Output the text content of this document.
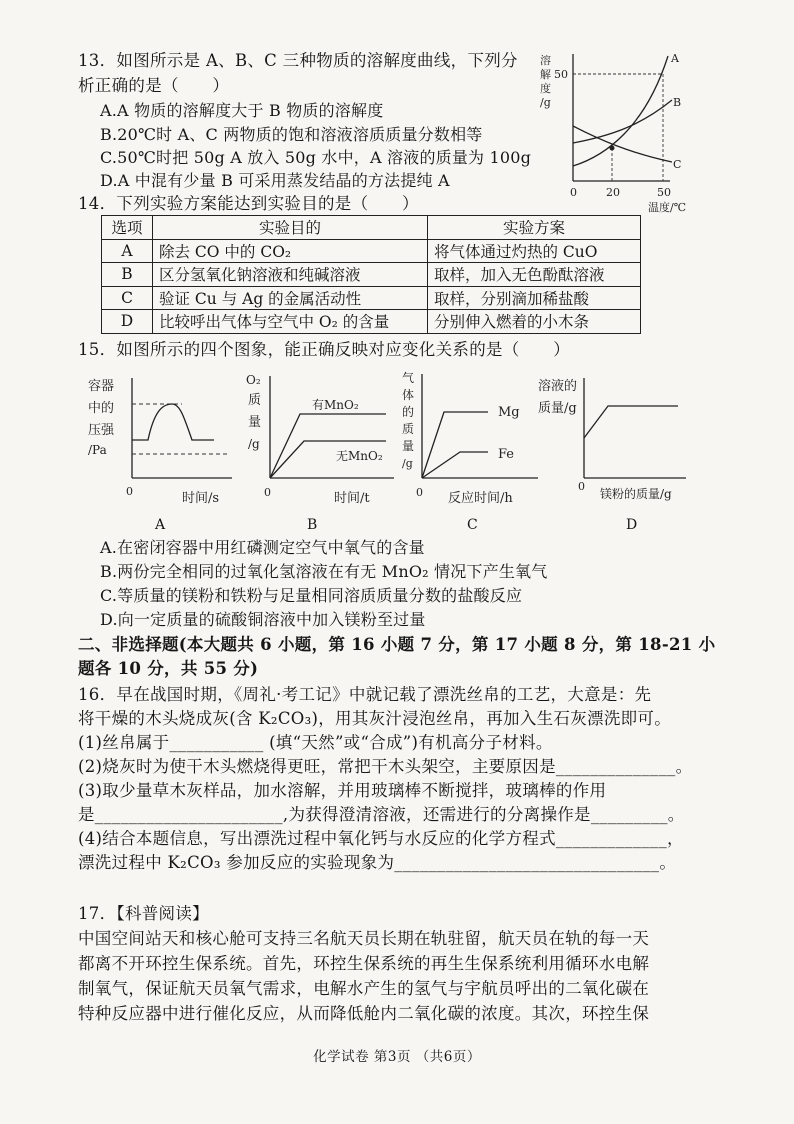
13．如图所示是 A、B、C 三种物质的溶解度曲线，下列分
析正确的是（　　）
A.A 物质的溶解度大于 B 物质的溶解度
B.20℃时 A、C 两物质的饱和溶液溶质质量分数相等
C.50℃时把 50g A 放入 50g 水中，A 溶液的质量为 100g
D.A 中混有少量 B 可采用蒸发结晶的方法提纯 A
溶
解
度
/g
50
A
B
C
0	20	50
温度/℃
14．下列实验方案能达到实验目的是（　　）
选项	实验目的	实验方案
A	除去 CO 中的 CO₂	将气体通过灼热的 CuO
B	区分氢氧化钠溶液和纯碱溶液	取样，加入无色酚酞溶液
C	验证 Cu 与 Ag 的金属活动性	取样，分别滴加稀盐酸
D	比较呼出气体与空气中 O₂ 的含量	分别伸入燃着的小木条
15．如图所示的四个图象，能正确反映对应变化关系的是（　　）
容器
中的
压强
/Pa
0	时间/s
O₂
质
量
/g
有MnO₂
无MnO₂
0	时间/t
气
体
的
质
量
/g
Mg
Fe
0 反应时间/h
溶液的
质量/g
0
镁粉的质量/g
A	B	C	D
A.在密闭容器中用红磷测定空气中氧气的含量
B.两份完全相同的过氧化氢溶液在有无 MnO₂ 情况下产生氧气
C.等质量的镁粉和铁粉与足量相同溶质质量分数的盐酸反应
D.向一定质量的硫酸铜溶液中加入镁粉至过量
二、非选择题(本大题共 6 小题，第 16 小题 7 分，第 17 小题 8 分，第 18-21 小
题各 10 分，共 55 分)
16．早在战国时期，《周礼·考工记》中就记载了漂洗丝帛的工艺，大意是：先
将干燥的木头烧成灰(含 K₂CO₃)，用其灰汁浸泡丝帛，再加入生石灰漂洗即可。
(1)丝帛属于___________ (填“天然”或“合成”)有机高分子材料。
(2)烧灰时为使干木头燃烧得更旺，常把干木头架空，主要原因是______________。
(3)取少量草木灰样品，加水溶解，并用玻璃棒不断搅拌，玻璃棒的作用
是______________________,为获得澄清溶液，还需进行的分离操作是_________。
(4)结合本题信息，写出漂洗过程中氧化钙与水反应的化学方程式_____________，
漂洗过程中 K₂CO₃ 参加反应的实验现象为_______________________________。
17．【科普阅读】
中国空间站天和核心舱可支持三名航天员长期在轨驻留，航天员在轨的每一天
都离不开环控生保系统。首先，环控生保系统的再生生保系统利用循环水电解
制氧气，保证航天员氧气需求，电解水产生的氢气与宇航员呼出的二氧化碳在
特种反应器中进行催化反应，从而降低舱内二氧化碳的浓度。其次，环控生保
化学试卷 第3页 （共6页）
